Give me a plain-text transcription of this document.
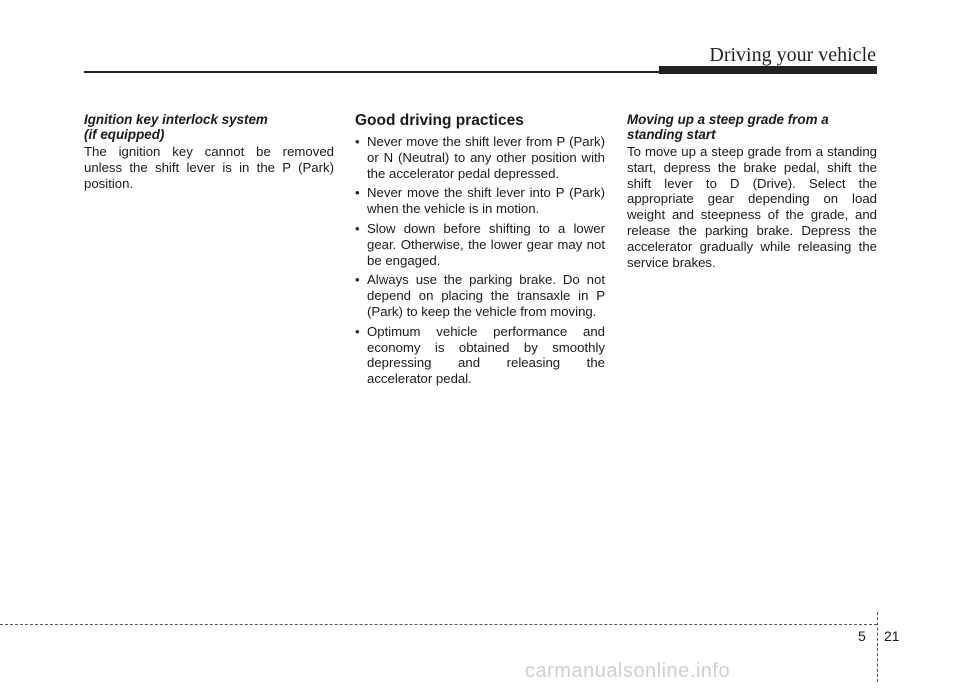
Driving your vehicle
Ignition key interlock system
(if equipped)

The ignition key cannot be removed unless the shift lever is in the P (Park) position.

Good driving practices
• Never move the shift lever from P (Park) or N (Neutral) to any other position with the accelerator pedal depressed.
• Never move the shift lever into P (Park) when the vehicle is in motion.
• Slow down before shifting to a lower gear. Otherwise, the lower gear may not be engaged.
• Always use the parking brake. Do not depend on placing the transaxle in P (Park) to keep the vehicle from moving.
• Optimum vehicle performance and economy is obtained by smoothly depressing and releasing the accelerator pedal.
Moving up a steep grade from a
standing start

To move up a steep grade from a standing start, depress the brake pedal, shift the shift lever to D (Drive). Select the appropriate gear depending on load weight and steepness of the grade, and release the parking brake. Depress the accelerator gradually while releasing the service brakes.

5 21
carmanualsonline.info
